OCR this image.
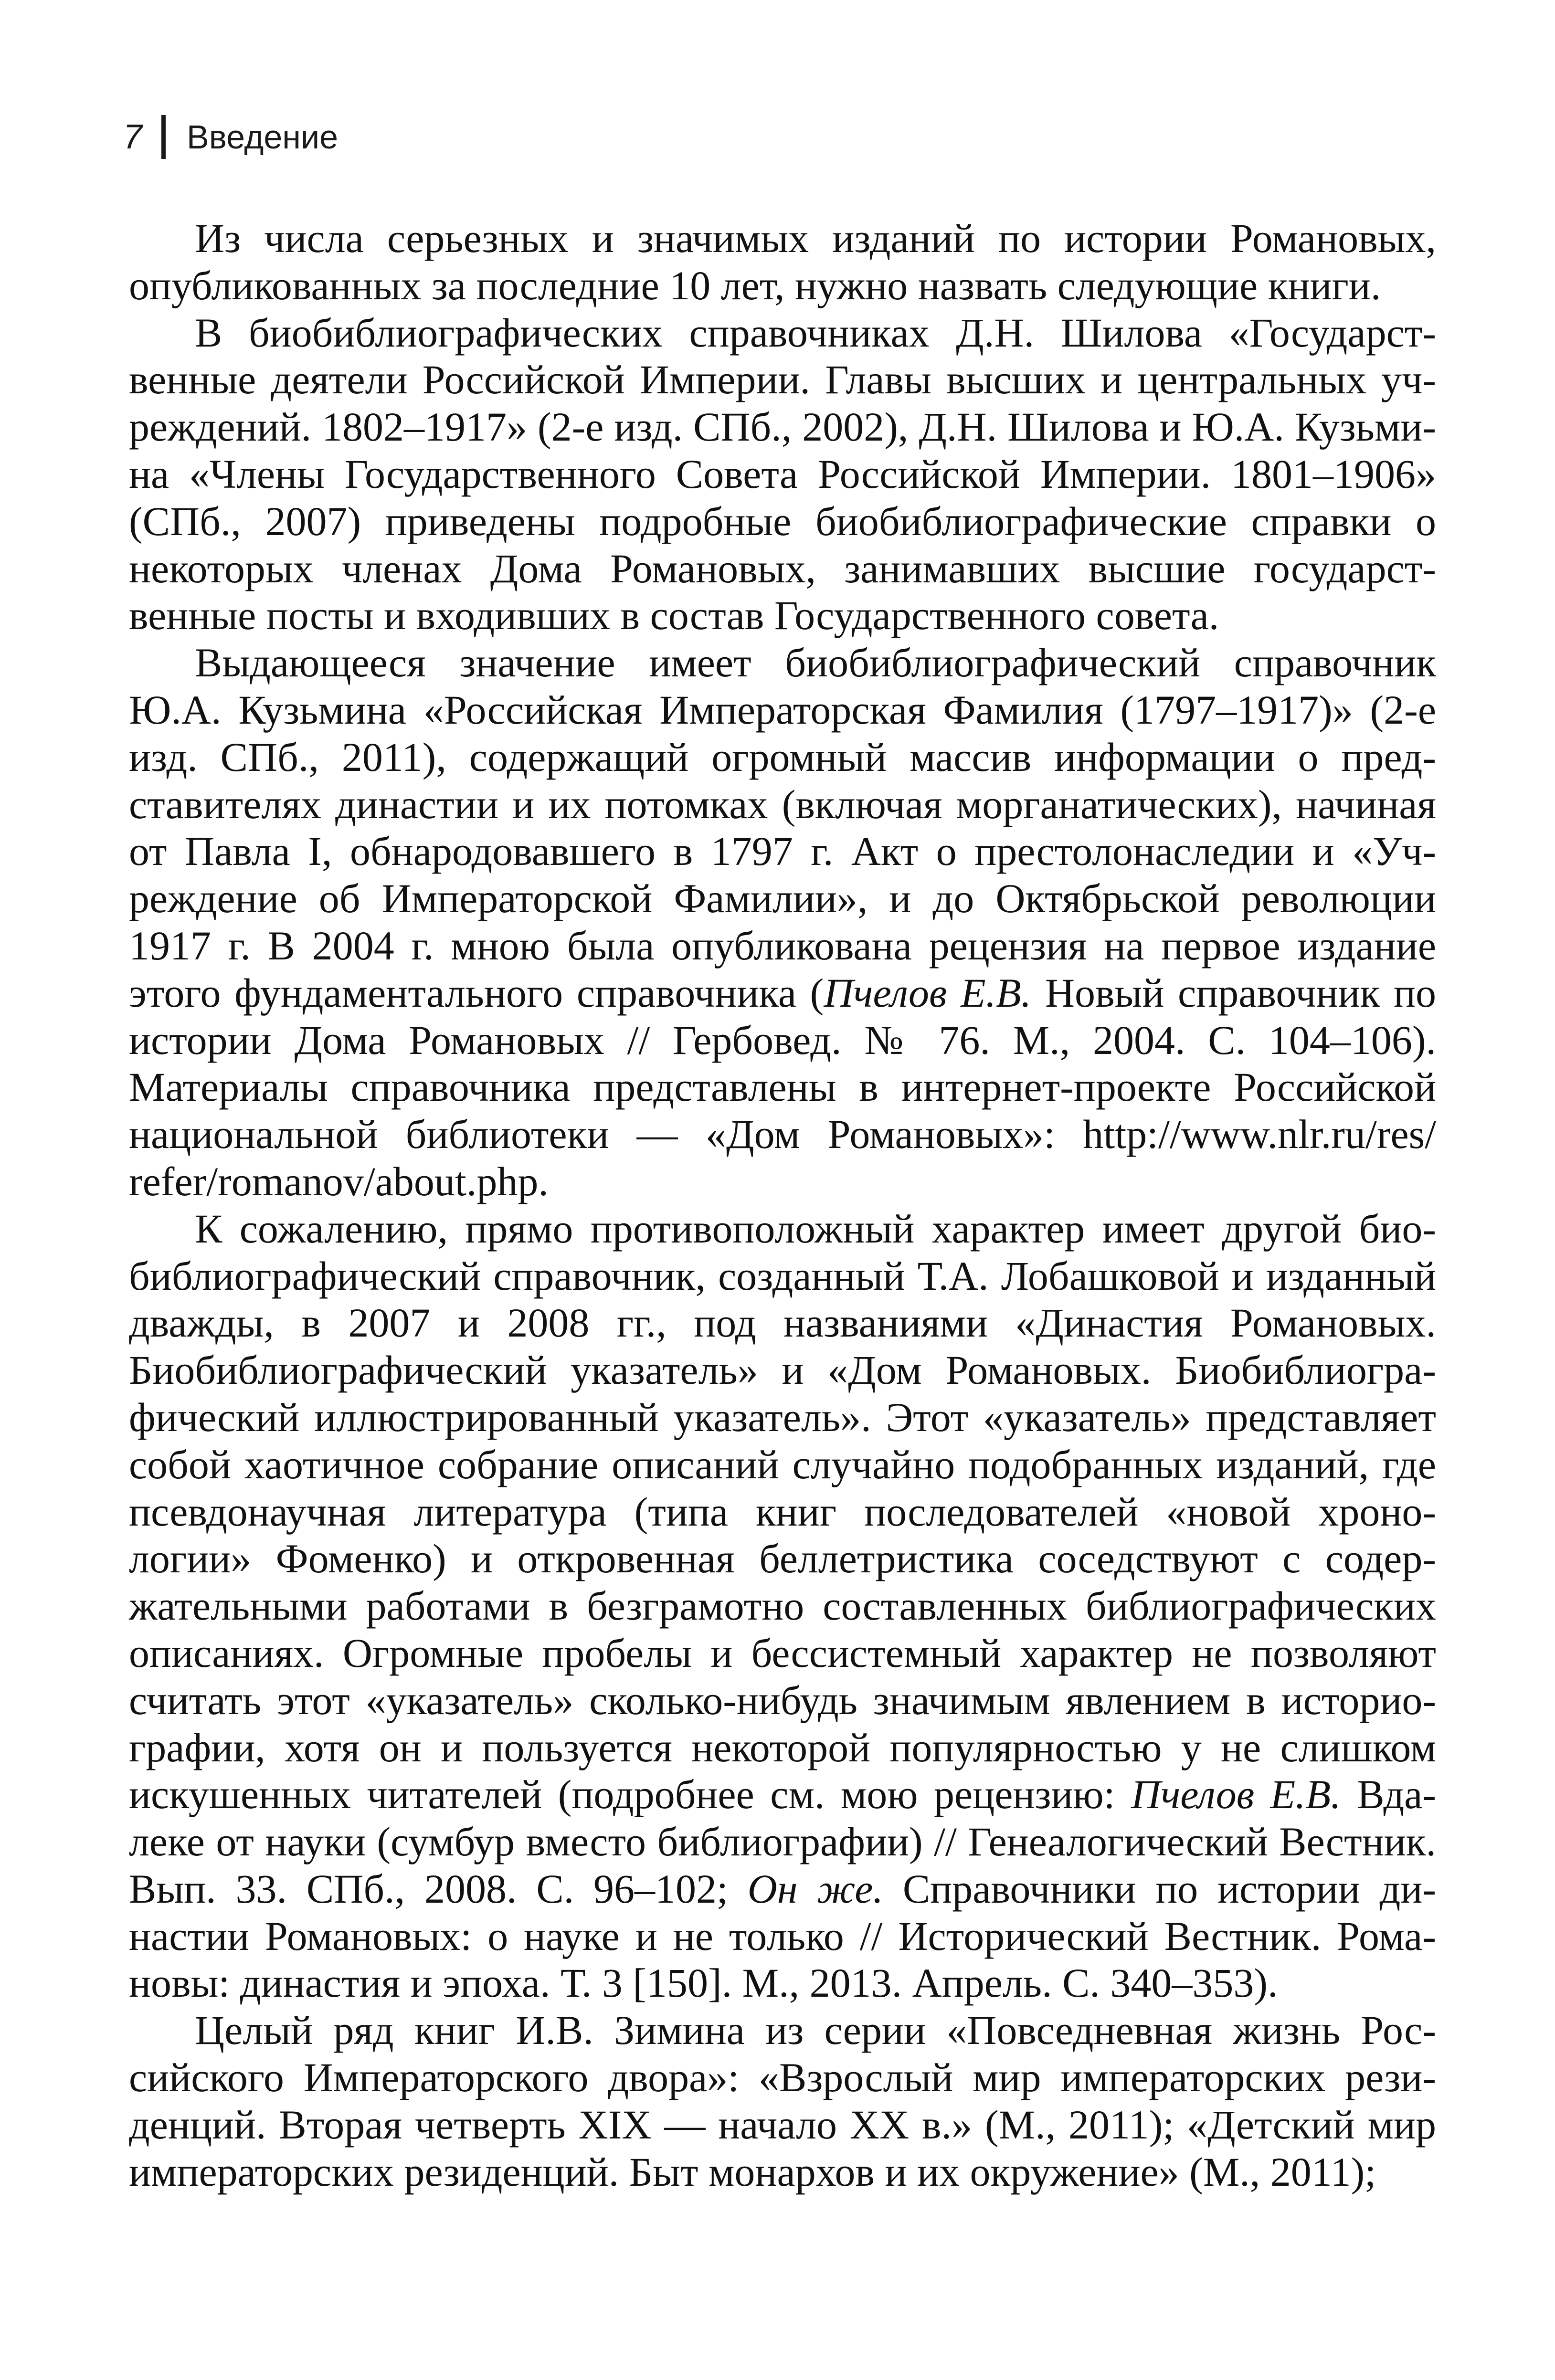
7 Введение

Из числа серьезных и значимых изданий по истории Романовых, опубликованных за последние 10 лет, нужно назвать следующие книги.

В биобиблиографических справочниках Д.Н. Шилова «Государственные деятели Российской Империи. Главы высших и центральных учреждений. 1802–1917» (2-е изд. СПб., 2002), Д.Н. Шилова и Ю.А. Кузьмина «Члены Государственного Совета Российской Империи. 1801–1906» (СПб., 2007) приведены подробные биобиблиографические справки о некоторых членах Дома Романовых, занимавших высшие государственные посты и входивших в состав Государственного совета.

Выдающееся значение имеет биобиблиографический справочник Ю.А. Кузьмина «Российская Императорская Фамилия (1797–1917)» (2-е изд. СПб., 2011), содержащий огромный массив информации о представителях династии и их потомках (включая морганатических), начиная от Павла I, обнародовавшего в 1797 г. Акт о престолонаследии и «Учреждение об Императорской Фамилии», и до Октябрьской революции 1917 г. В 2004 г. мною была опубликована рецензия на первое издание этого фундаментального справочника (Пчелов Е.В. Новый справочник по истории Дома Романовых // Гербовед. № 76. М., 2004. С. 104–106). Материалы справочника представлены в интернет-проекте Российской национальной библиотеки — «Дом Романовых»: http://www.nlr.ru/res/​refer/​romanov/​about.php.

К сожалению, прямо противоположный характер имеет другой биобиблиографический справочник, созданный Т.А. Лобашковой и изданный дважды, в 2007 и 2008 гг., под названиями «Династия Романовых. Биобиблиографический указатель» и «Дом Романовых. Биобиблиографический иллюстрированный указатель». Этот «указатель» представляет собой хаотичное собрание описаний случайно подобранных изданий, где псевдонаучная литература (типа книг последователей «новой хронологии» Фоменко) и откровенная беллетристика соседствуют с содержательными работами в безграмотно составленных библиографических описаниях. Огромные пробелы и бессистемный характер не позволяют считать этот «указатель» сколько-нибудь значимым явлением в историографии, хотя он и пользуется некоторой популярностью у не слишком искушенных читателей (подробнее см. мою рецензию: Пчелов Е.В. Вдалеке от науки (сумбур вместо библиографии) // Генеалогический Вестник. Вып. 33. СПб., 2008. С. 96–102; Он же. Справочники по истории династии Романовых: о науке и не только // Исторический Вестник. Романовы: династия и эпоха. Т. 3 [150]. М., 2013. Апрель. С. 340–353).

Целый ряд книг И.В. Зимина из серии «Повседневная жизнь Российского Императорского двора»: «Взрослый мир императорских резиденций. Вторая четверть XIX — начало XX в.» (М., 2011); «Детский мир императорских резиденций. Быт монархов и их окружение» (М., 2011);
